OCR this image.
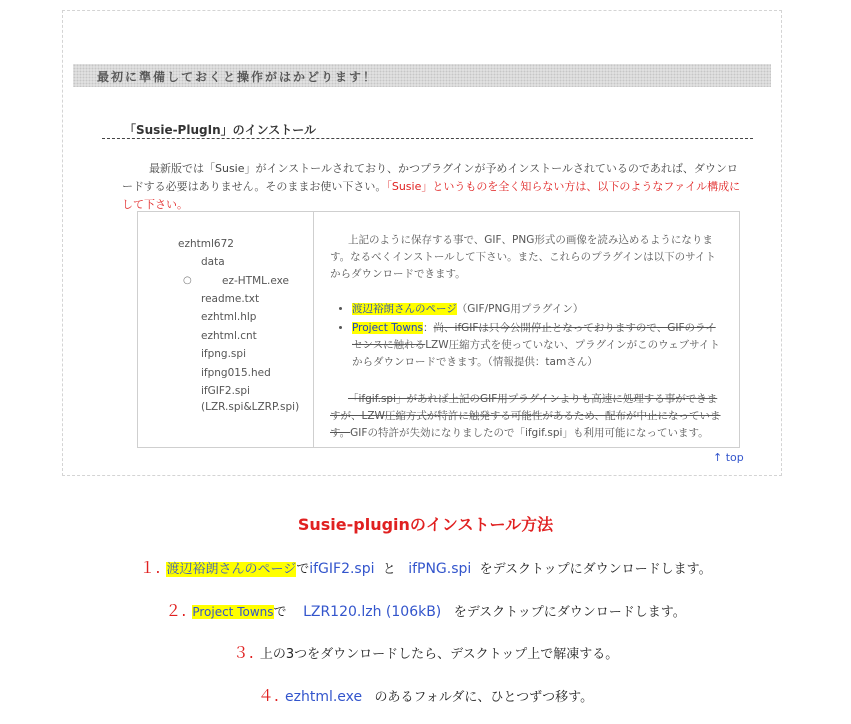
最初に準備しておくと操作がはかどります！
「Susie-PlugIn」のインストール
最新版では「Susie」がインストールされており、かつプラグインが予めインストールされているのであれば、ダウンロードする必要はありません。そのままお使い下さい。「Susie」というものを全く知らない方は、以下のようなファイル構成にして下さい。
ezhtml672
data
○	ez-HTML.exe
readme.txt
ezhtml.hlp
ezhtml.cnt
ifpng.spi
ifpng015.hed
ifGIF2.spi
(LZR.spi&LZRP.spi)

上記のように保存する事で、GIF、PNG形式の画像を読み込めるようになります。なるべくインストールして下さい。また、これらのプラグインは以下のサイトからダウンロードできます。

• 渡辺裕朗さんのページ（GIF/PNG用プラグイン）
• Project Towns：尚、ifGIFは只今公開停止となっておりますので、GIFのライセンスに触れるLZW圧縮方式を使っていない、プラグインがこのウェブサイトからダウンロードできます。（情報提供：tamさん）

「ifgif.spi」があれば上記のGIF用プラグインよりも高速に処理する事ができますが、LZW圧縮方式が特許に触発する可能性があるため、配布が中止になっています。GIFの特許が失効になりましたので「ifgif.spi」も利用可能になっています。

↑ top
Susie-pluginのインストール方法
１. 渡辺裕朗さんのページでifGIF2.spi と ifPNG.spi をデスクトップにダウンロードします。
２. Project Townsで LZR120.lzh (106kB) をデスクトップにダウンロードします。
３. 上の3つをダウンロードしたら、デスクトップ上で解凍する。
４. ezhtml.exe のあるフォルダに、ひとつずつ移す。
